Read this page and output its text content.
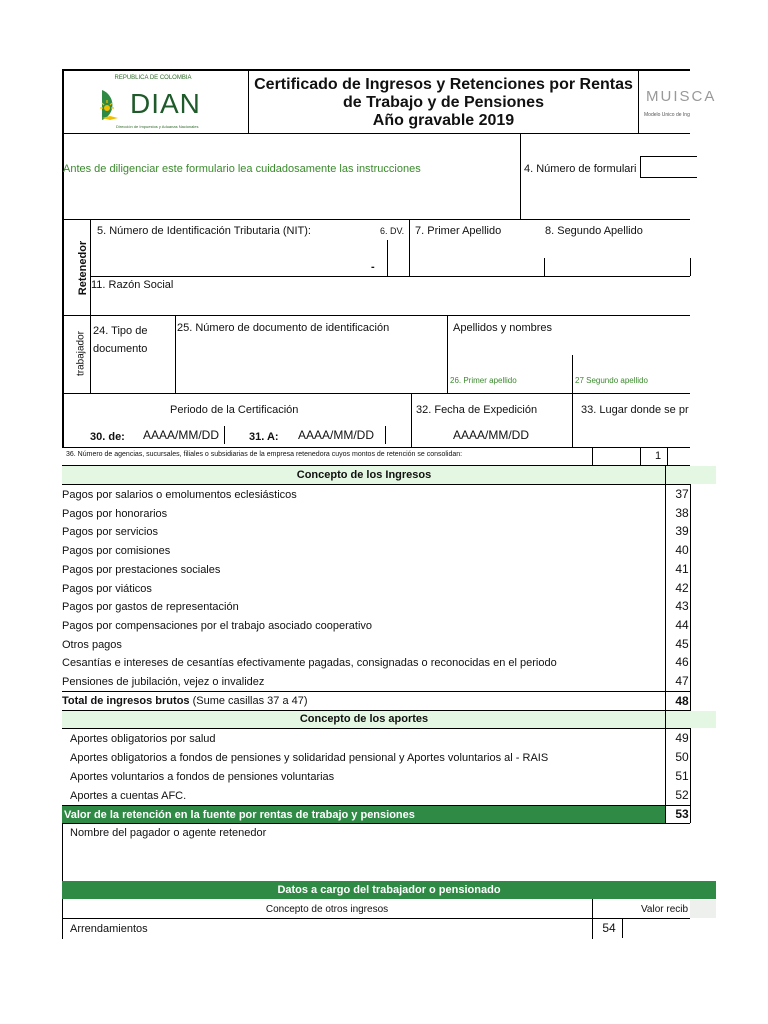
REPUBLICA DE COLOMBIA
DIAN
Dirección de Impuestos y Aduanas Nacionales
Certificado de Ingresos y Retenciones por Rentas
de Trabajo y de Pensiones
Año gravable 2019
MUISCA
Modelo Unico de Ing
Antes de diligenciar este formulario lea cuidadosamente las instrucciones	4. Número de formulari
Retenedor
5. Número de Identificación Tributaria (NIT):	6. DV. 7. Primer Apellido	8. Segundo Apellido
-
11. Razón Social
trabajador 24. Tipo de
documento
25. Número de documento de identificación	Apellidos y nombres
26. Primer apellido	27 Segundo apellido
Periodo de la Certificación	32. Fecha de Expedición	33. Lugar donde se pr
30. de: AAAA/MM/DD	31. A: AAAA/MM/DD	AAAA/MM/DD
36. Número de agencias, sucursales, filiales o subsidiarias de la empresa retenedora cuyos montos de retención se consolidan:	1
Concepto de los Ingresos
Pagos por salarios o emolumentos eclesiásticos	37
Pagos por honorarios	38
Pagos por servicios	39
Pagos por comisiones	40
Pagos por prestaciones sociales	41
Pagos por viáticos	42
Pagos por gastos de representación	43
Pagos por compensaciones por el trabajo asociado cooperativo	44
Otros pagos	45
Cesantías e intereses de cesantías efectivamente pagadas, consignadas o reconocidas en el periodo	46
Pensiones de jubilación, vejez o invalidez	47
Total de ingresos brutos (Sume casillas 37 a 47)	48
Concepto de los aportes
Aportes obligatorios por salud	49
Aportes obligatorios a fondos de pensiones y solidaridad pensional y Aportes voluntarios al - RAIS	50
Aportes voluntarios a fondos de pensiones voluntarias	51
Aportes a cuentas AFC.	52
Valor de la retención en la fuente por rentas de trabajo y pensiones	53
Nombre del pagador o agente retenedor
Datos a cargo del trabajador o pensionado
Concepto de otros ingresos	Valor recib
Arrendamientos	54
